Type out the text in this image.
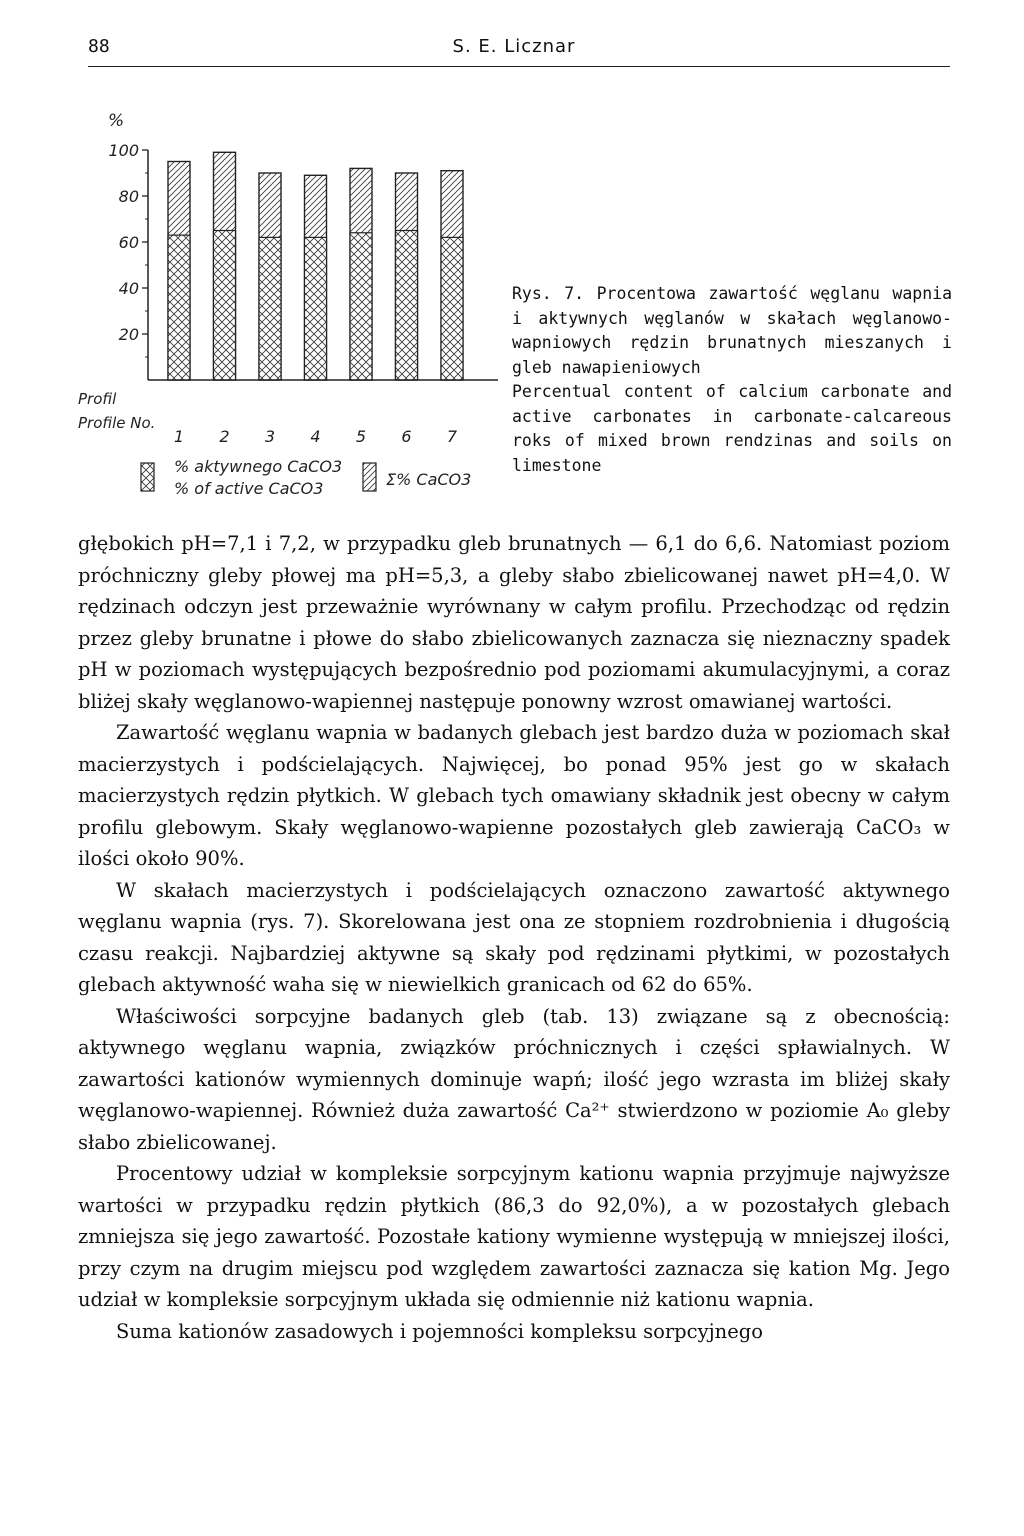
88	S. E. Licznar
%
100
80
60
40
20
1 2 3 4 5 6 7
Profil
Profile No.
% aktywnego CaCO3
% of active CaCO3	Σ% CaCO3
Rys. 7. Procentowa zawartość węglanu wapnia i aktywnych węglanów w skałach węglanowo-wapniowych rędzin brunatnych mieszanych i gleb nawapieniowych
Percentual content of calcium carbonate and active carbonates in carbonate-calcareous roks of mixed brown rendzinas and soils on limestone

głębokich pH=7,1 i 7,2, w przypadku gleb brunatnych — 6,1 do 6,6. Natomiast poziom próchniczny gleby płowej ma pH=5,3, a gleby słabo zbielicowanej nawet pH=4,0. W rędzinach odczyn jest przeważnie wyrównany w całym profilu. Przechodząc od rędzin przez gleby brunatne i płowe do słabo zbielicowanych zaznacza się nieznaczny spadek pH w poziomach występujących bezpośrednio pod poziomami akumulacyjnymi, a coraz bliżej skały węglanowo-wapiennej następuje ponowny wzrost omawianej wartości.

Zawartość węglanu wapnia w badanych glebach jest bardzo duża w poziomach skał macierzystych i podścielających. Najwięcej, bo ponad 95% jest go w skałach macierzystych rędzin płytkich. W glebach tych omawiany składnik jest obecny w całym profilu glebowym. Skały węglanowo-wapienne pozostałych gleb zawierają CaCO₃ w ilości około 90%.

W skałach macierzystych i podścielających oznaczono zawartość aktywnego węglanu wapnia (rys. 7). Skorelowana jest ona ze stopniem rozdrobnienia i długością czasu reakcji. Najbardziej aktywne są skały pod rędzinami płytkimi, w pozostałych glebach aktywność waha się w niewielkich granicach od 62 do 65%.

Właściwości sorpcyjne badanych gleb (tab. 13) związane są z obecnością: aktywnego węglanu wapnia, związków próchnicznych i części spławialnych. W zawartości kationów wymiennych dominuje wapń; ilość jego wzrasta im bliżej skały węglanowo-wapiennej. Również duża zawartość Ca²⁺ stwierdzono w poziomie A₀ gleby słabo zbielicowanej.

Procentowy udział w kompleksie sorpcyjnym kationu wapnia przyjmuje najwyższe wartości w przypadku rędzin płytkich (86,3 do 92,0%), a w pozostałych glebach zmniejsza się jego zawartość. Pozostałe kationy wymienne występują w mniejszej ilości, przy czym na drugim miejscu pod względem zawartości zaznacza się kation Mg. Jego udział w kompleksie sorpcyjnym układa się odmiennie niż kationu wapnia.

Suma kationów zasadowych i pojemności kompleksu sorpcyjnego
